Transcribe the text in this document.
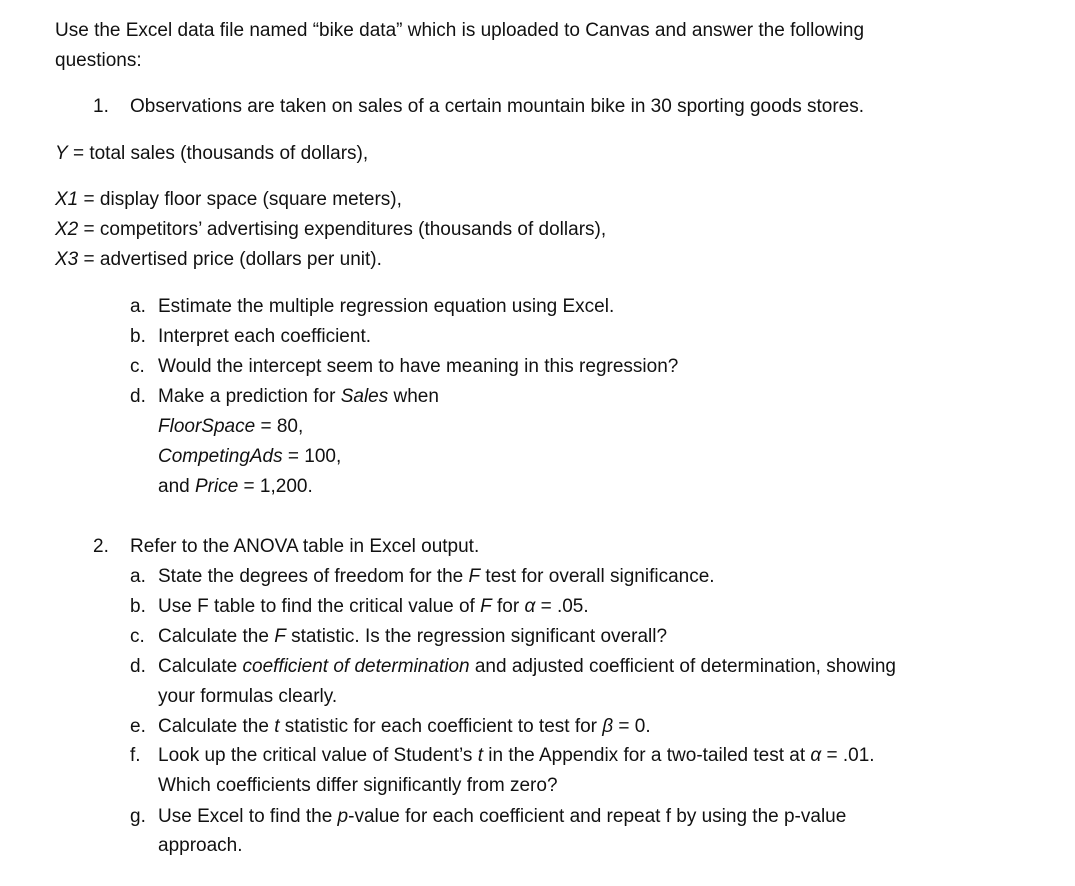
Use the Excel data file named “bike data” which is uploaded to Canvas and answer the following

questions:

1. Observations are taken on sales of a certain mountain bike in 30 sporting goods stores.

Y = total sales (thousands of dollars),

X1 = display floor space (square meters),

X2 = competitors’ advertising expenditures (thousands of dollars),

X3 = advertised price (dollars per unit).

a. Estimate the multiple regression equation using Excel.

b. Interpret each coefficient.

c. Would the intercept seem to have meaning in this regression?

d. Make a prediction for Sales when

FloorSpace = 80,

CompetingAds = 100,

and Price = 1,200.

2. Refer to the ANOVA table in Excel output.

a. State the degrees of freedom for the F test for overall significance.

b. Use F table to find the critical value of F for α = .05.

c. Calculate the F statistic. Is the regression significant overall?

d. Calculate coefficient of determination and adjusted coefficient of determination, showing

your formulas clearly.

e. Calculate the t statistic for each coefficient to test for β = 0.

f. Look up the critical value of Student’s t in the Appendix for a two-tailed test at α = .01.

Which coefficients differ significantly from zero?

g. Use Excel to find the p-value for each coefficient and repeat f by using the p-value

approach.
